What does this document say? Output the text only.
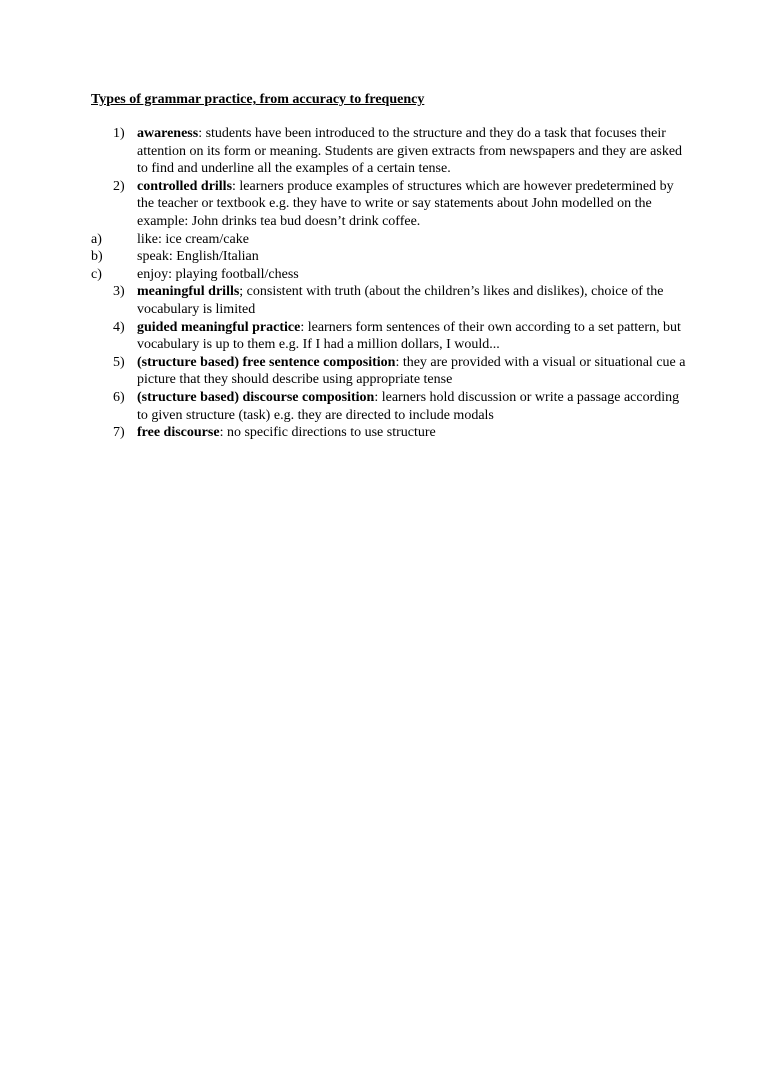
Types of grammar practice, from accuracy to frequency
1) awareness: students have been introduced to the structure and they do a task that focuses their attention on its form or meaning. Students are given extracts from newspapers and they are asked to find and underline all the examples of a certain tense.
2) controlled drills: learners produce examples of structures which are however predetermined by the teacher or textbook e.g. they have to write or say statements about John modelled on the example: John drinks tea bud doesn’t drink coffee.
a)	like: ice cream/cake
b)	speak: English/Italian
c)	enjoy: playing football/chess
3) meaningful drills; consistent with truth (about the children’s likes and dislikes), choice of the vocabulary is limited
4) guided meaningful practice: learners form sentences of their own according to a set pattern, but vocabulary is up to them e.g. If I had a million dollars, I would...
5) (structure based) free sentence composition: they are provided with a visual or situational cue a picture that they should describe using appropriate tense
6) (structure based) discourse composition: learners hold discussion or write a passage according to given structure (task) e.g. they are directed to include modals
7) free discourse: no specific directions to use structure
